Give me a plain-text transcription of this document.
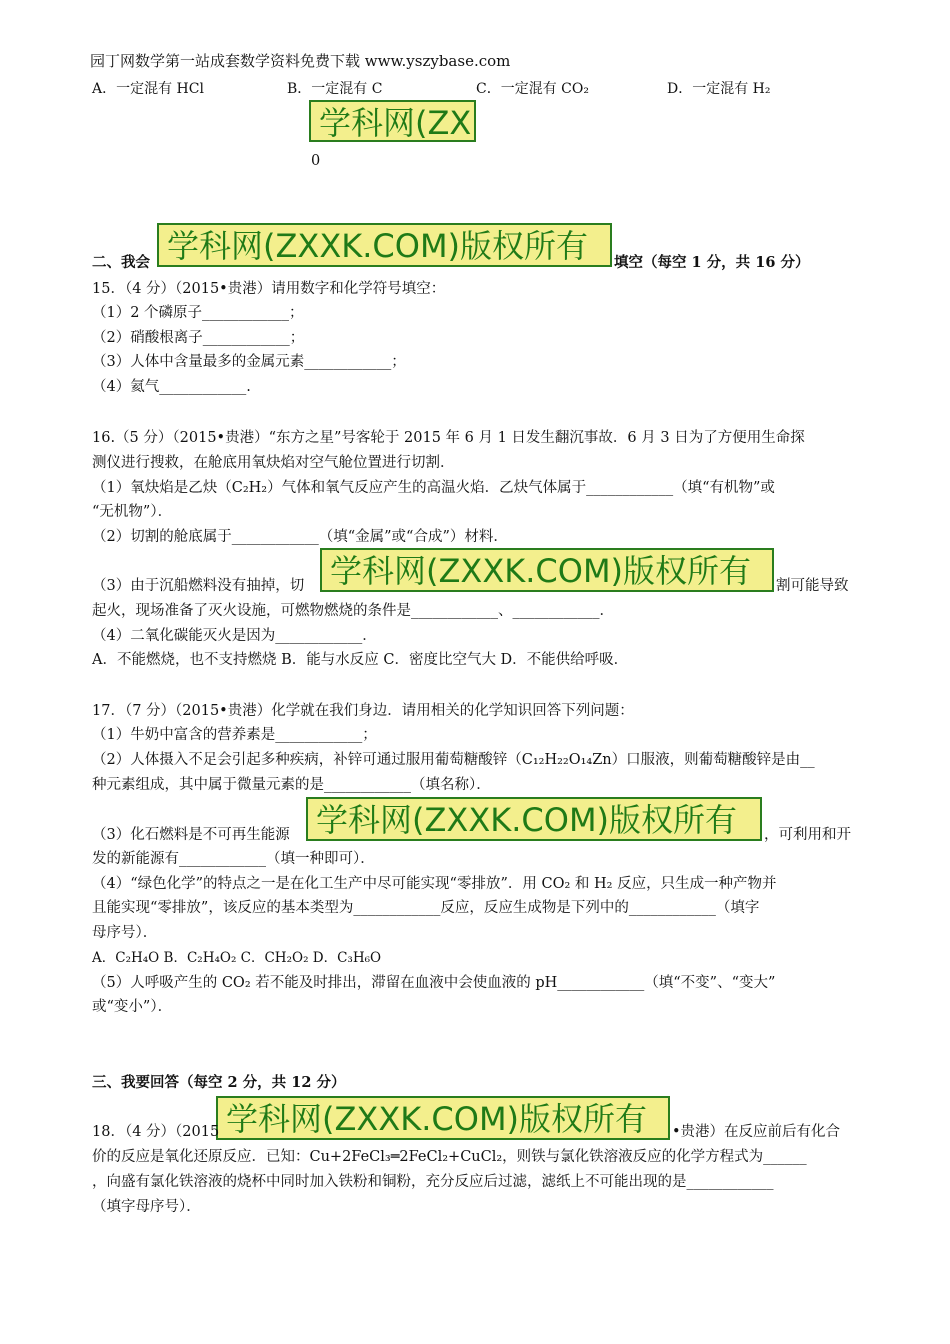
园丁网数学第一站成套数学资料免费下载 www.yszybase.com
A．一定混有 HCl	B．一定混有 C	C．一定混有 CO₂	D．一定混有 H₂
学科网(ZX
0
学科网(ZXXK.COM)版权所有
二、我会	填空（每空 1 分，共 16 分）
15．（4 分）（2015•贵港）请用数字和化学符号填空：
（1）2 个磷原子____________；
（2）硝酸根离子____________；
（3）人体中含量最多的金属元素____________；
（4）氦气____________.
16.（5 分）（2015•贵港）“东方之星”号客轮于 2015 年 6 月 1 日发生翻沉事故．6 月 3 日为了方便用生命探
测仪进行搜救，在舱底用氧炔焰对空气舱位置进行切割．
（1）氧炔焰是乙炔（C₂H₂）气体和氧气反应产生的高温火焰．乙炔气体属于____________（填“有机物”或
“无机物”）．
（2）切割的舱底属于____________（填“金属”或“合成”）材料．
学科网(ZXXK.COM)版权所有
（3）由于沉船燃料没有抽掉，切	割可能导致
起火，现场准备了灭火设施，可燃物燃烧的条件是____________、____________．
（4）二氧化碳能灭火是因为____________．
A．不能燃烧，也不支持燃烧 B．能与水反应 C．密度比空气大 D．不能供给呼吸．
17．（7 分）（2015•贵港）化学就在我们身边．请用相关的化学知识回答下列问题：
（1）牛奶中富含的营养素是____________；
（2）人体摄入不足会引起多种疾病，补锌可通过服用葡萄糖酸锌（C₁₂H₂₂O₁₄Zn）口服液，则葡萄糖酸锌是由__
种元素组成，其中属于微量元素的是____________（填名称）．
学科网(ZXXK.COM)版权所有
（3）化石燃料是不可再生能源	，可利用和开
发的新能源有____________（填一种即可）．
（4）“绿色化学”的特点之一是在化工生产中尽可能实现“零排放”．用 CO₂ 和 H₂ 反应，只生成一种产物并
且能实现“零排放”，该反应的基本类型为____________反应，反应生成物是下列中的____________（填字
母序号）．
A．C₂H₄O B．C₂H₄O₂ C．CH₂O₂ D．C₃H₆O
（5）人呼吸产生的 CO₂ 若不能及时排出，滞留在血液中会使血液的 pH____________（填“不变”、“变大”
或“变小”）．
三、我要回答（每空 2 分，共 12 分）
学科网(ZXXK.COM)版权所有
18．（4 分）（2015	•贵港）在反应前后有化合
价的反应是氧化还原反应．已知：Cu+2FeCl₃═2FeCl₂+CuCl₂，则铁与氯化铁溶液反应的化学方程式为______
，向盛有氯化铁溶液的烧杯中同时加入铁粉和铜粉，充分反应后过滤，滤纸上不可能出现的是____________
（填字母序号）．
